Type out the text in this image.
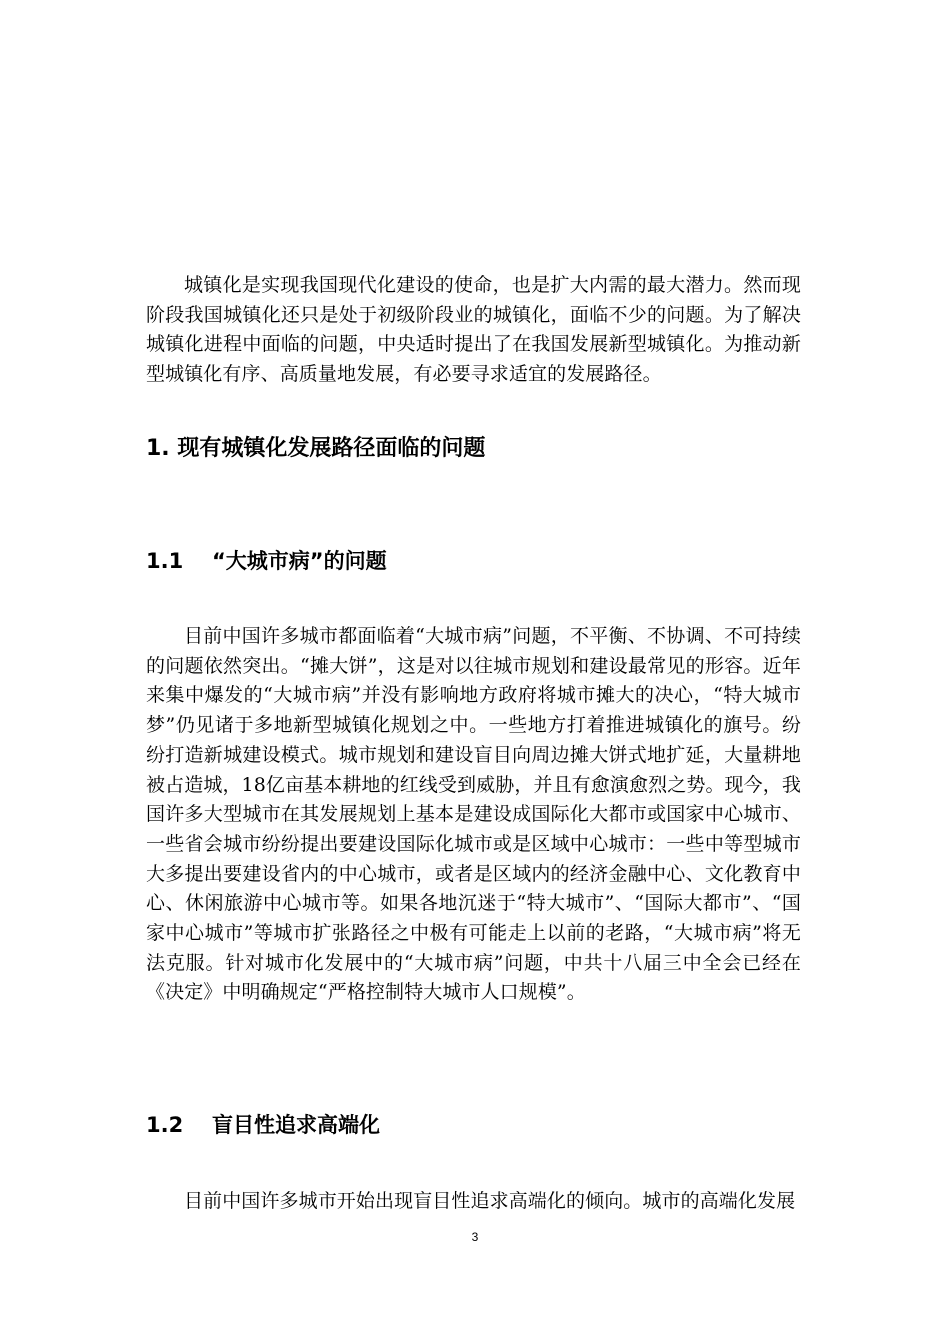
城镇化是实现我国现代化建设的使命，也是扩大内需的最大潜力。然而现阶段我国城镇化还只是处于初级阶段业的城镇化，面临不少的问题。为了解决城镇化进程中面临的问题，中央适时提出了在我国发展新型城镇化。为推动新型城镇化有序、高质量地发展，有必要寻求适宜的发展路径。

1. 现有城镇化发展路径面临的问题
1.1 “大城市病”的问题

目前中国许多城市都面临着“大城市病”问题，不平衡、不协调、不可持续的问题依然突出。“摊大饼”，这是对以往城市规划和建设最常见的形容。近年来集中爆发的“大城市病”并没有影响地方政府将城市摊大的决心，“特大城市梦”仍见诸于多地新型城镇化规划之中。一些地方打着推进城镇化的旗号。纷纷打造新城建设模式。城市规划和建设盲目向周边摊大饼式地扩延，大量耕地被占造城，18亿亩基本耕地的红线受到威胁，并且有愈演愈烈之势。现今，我国许多大型城市在其发展规划上基本是建设成国际化大都市或国家中心城市、一些省会城市纷纷提出要建设国际化城市或是区域中心城市：一些中等型城市大多提出要建设省内的中心城市，或者是区域内的经济金融中心、文化教育中心、休闲旅游中心城市等。如果各地沉迷于“特大城市”、“国际大都市”、“国家中心城市”等城市扩张路径之中极有可能走上以前的老路，“大城市病”将无法克服。针对城市化发展中的“大城市病”问题，中共十八届三中全会已经在《决定》中明确规定“严格控制特大城市人口规模”。

1.2 盲目性追求高端化

目前中国许多城市开始出现盲目性追求高端化的倾向。城市的高端化发展

3
